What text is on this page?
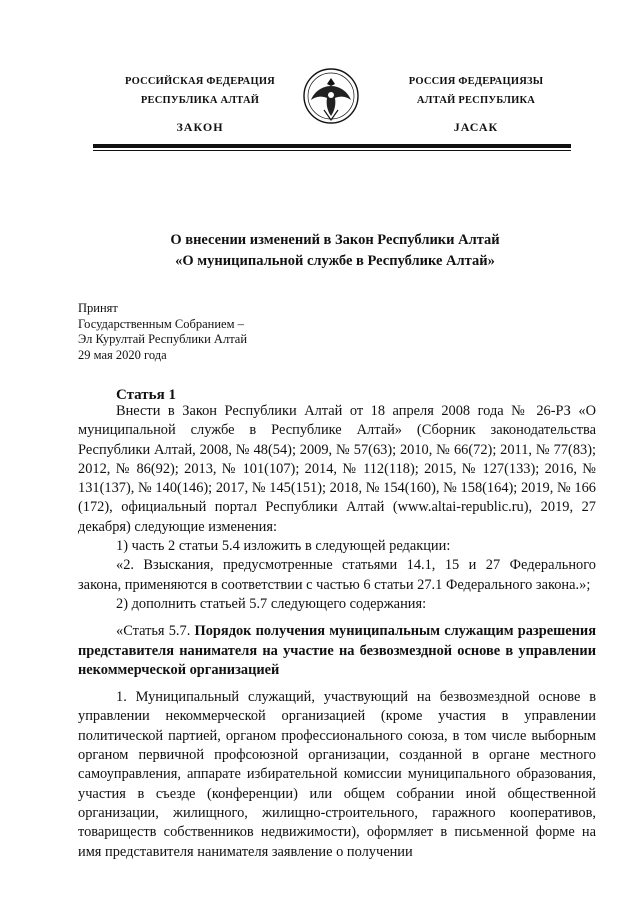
РОССИЙСКАЯ ФЕДЕРАЦИЯ
РЕСПУБЛИКА АЛТАЙ
ЗАКОН
РОССИЯ ФЕДЕРАЦИЯЗЫ
АЛТАЙ РЕСПУБЛИКА
ЈАСАК
О внесении изменений в Закон Республики Алтай
«О муниципальной службе в Республике Алтай»
Принят
Государственным Собранием –
Эл Курултай Республики Алтай
29 мая 2020 года
Статья 1

Внести в Закон Республики Алтай от 18 апреля 2008 года № 26-РЗ «О муниципальной службе в Республике Алтай» (Сборник законодательства Республики Алтай, 2008, № 48(54); 2009, № 57(63); 2010, № 66(72); 2011, № 77(83); 2012, № 86(92); 2013, № 101(107); 2014, № 112(118); 2015, № 127(133); 2016, № 131(137), № 140(146); 2017, № 145(151); 2018, № 154(160), № 158(164); 2019, № 166 (172), официальный портал Республики Алтай (www.altai-republic.ru), 2019, 27 декабря) следующие изменения:

1) часть 2 статьи 5.4 изложить в следующей редакции:

«2. Взыскания, предусмотренные статьями 14.1, 15 и 27 Федерального закона, применяются в соответствии с частью 6 статьи 27.1 Федерального закона.»;

2) дополнить статьей 5.7 следующего содержания:

«Статья 5.7. Порядок получения муниципальным служащим разрешения представителя нанимателя на участие на безвозмездной основе в управлении некоммерческой организацией

1. Муниципальный служащий, участвующий на безвозмездной основе в управлении некоммерческой организацией (кроме участия в управлении политической партией, органом профессионального союза, в том числе выборным органом первичной профсоюзной организации, созданной в органе местного самоуправления, аппарате избирательной комиссии муниципального образования, участия в съезде (конференции) или общем собрании иной общественной организации, жилищного, жилищно-строительного, гаражного кооперативов, товариществ собственников недвижимости), оформляет в письменной форме на имя представителя нанимателя заявление о получении
